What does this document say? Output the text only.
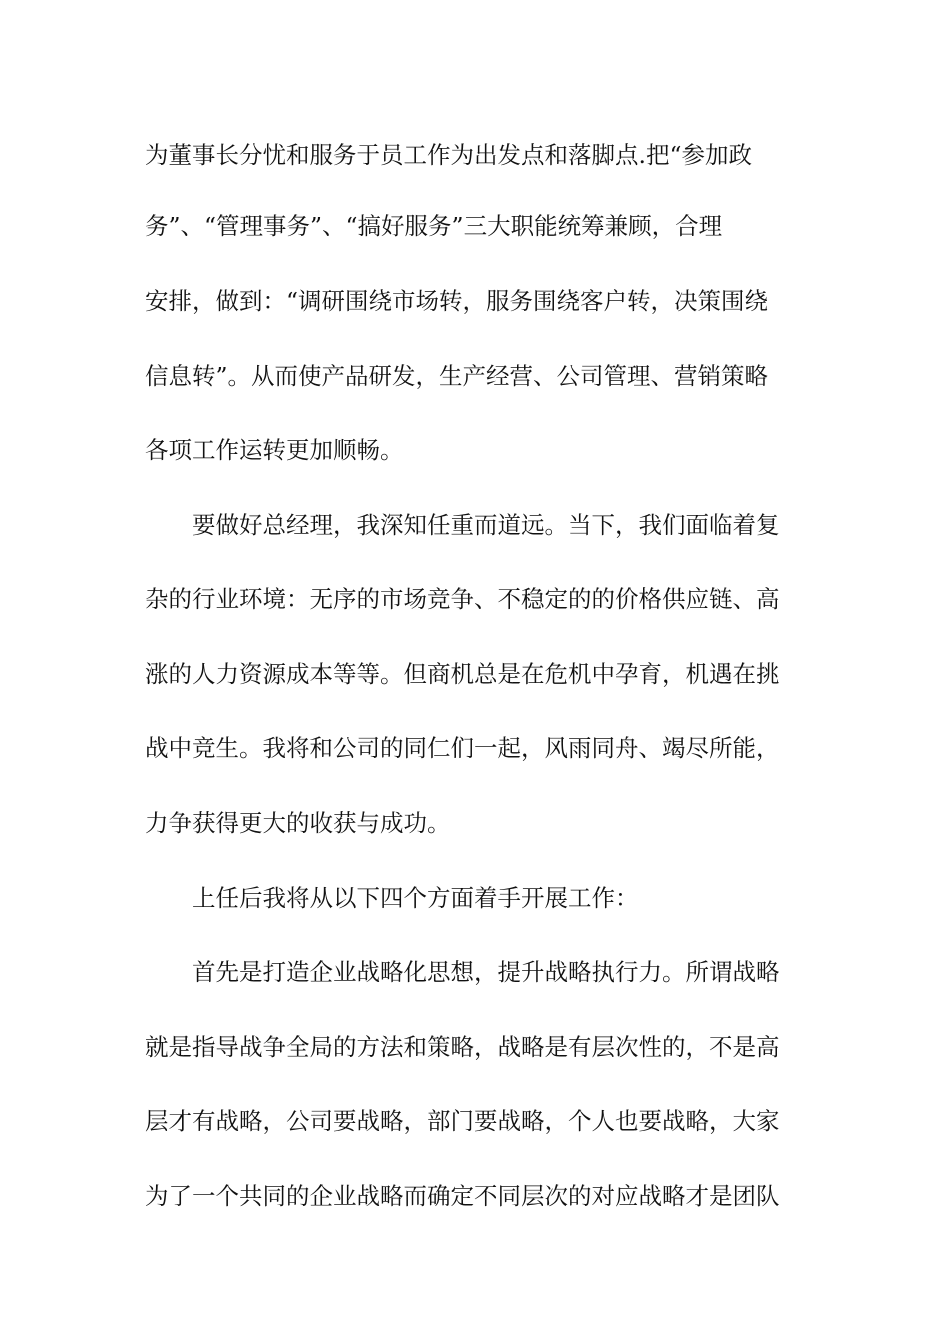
为董事长分忧和服务于员工作为出发点和落脚点.把“参加政
务”、“管理事务”、“搞好服务”三大职能统筹兼顾，合理
安排，做到：“调研围绕市场转，服务围绕客户转，决策围绕
信息转”。从而使产品研发，生产经营、公司管理、营销策略
各项工作运转更加顺畅。
要做好总经理，我深知任重而道远。当下，我们面临着复
杂的行业环境：无序的市场竞争、不稳定的的价格供应链、高
涨的人力资源成本等等。但商机总是在危机中孕育，机遇在挑
战中竞生。我将和公司的同仁们一起，风雨同舟、竭尽所能，
力争获得更大的收获与成功。
上任后我将从以下四个方面着手开展工作：
首先是打造企业战略化思想，提升战略执行力。所谓战略
就是指导战争全局的方法和策略，战略是有层次性的，不是高
层才有战略，公司要战略，部门要战略，个人也要战略，大家
为了一个共同的企业战略而确定不同层次的对应战略才是团队
